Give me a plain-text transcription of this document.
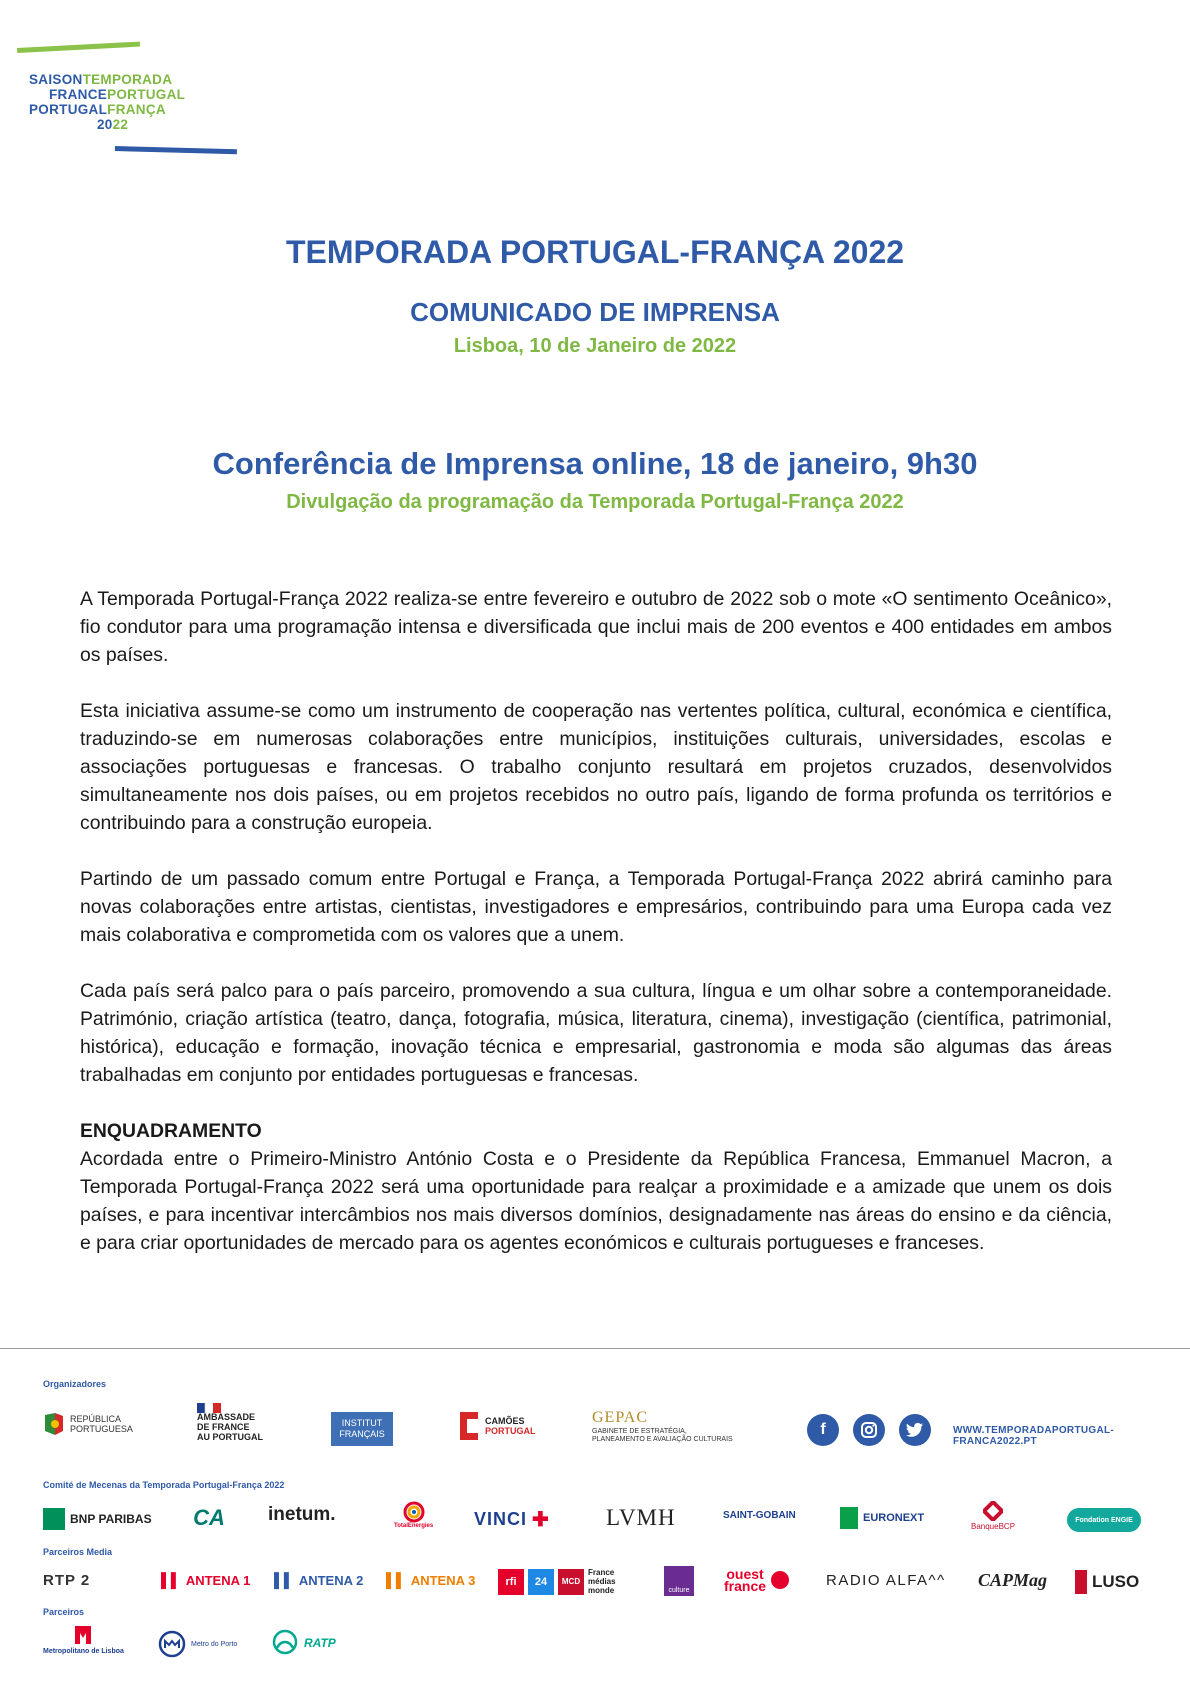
SAISONTEMPORADA
FRANCEPORTUGAL
PORTUGALFRANÇA
2022
TEMPORADA PORTUGAL-FRANÇA 2022
COMUNICADO DE IMPRENSA
Lisboa, 10 de Janeiro de 2022
Conferência de Imprensa online, 18 de janeiro, 9h30
Divulgação da programação da Temporada Portugal-França 2022

A Temporada Portugal-França 2022 realiza-se entre fevereiro e outubro de 2022 sob o mote «O sentimento Oceânico», fio condutor para uma programação intensa e diversificada que inclui mais de 200 eventos e 400 entidades em ambos os países.

Esta iniciativa assume-se como um instrumento de cooperação nas vertentes política, cultural, económica e científica, traduzindo-se em numerosas colaborações entre municípios, instituições culturais, universidades, escolas e associações portuguesas e francesas. O trabalho conjunto resultará em projetos cruzados, desenvolvidos simultaneamente nos dois países, ou em projetos recebidos no outro país, ligando de forma profunda os territórios e contribuindo para a construção europeia.

Partindo de um passado comum entre Portugal e França, a Temporada Portugal-França 2022 abrirá caminho para novas colaborações entre artistas, cientistas, investigadores e empresários, contribuindo para uma Europa cada vez mais colaborativa e comprometida com os valores que a unem.

Cada país será palco para o país parceiro, promovendo a sua cultura, língua e um olhar sobre a contemporaneidade. Património, criação artística (teatro, dança, fotografia, música, literatura, cinema), investigação (científica, patrimonial, histórica), educação e formação, inovação técnica e empresarial, gastronomia e moda são algumas das áreas trabalhadas em conjunto por entidades portuguesas e francesas.

ENQUADRAMENTO

Acordada entre o Primeiro-Ministro António Costa e o Presidente da República Francesa, Emmanuel Macron, a Temporada Portugal-França 2022 será uma oportunidade para realçar a proximidade e a amizade que unem os dois países, e para incentivar intercâmbios nos mais diversos domínios, designadamente nas áreas do ensino e da ciência, e para criar oportunidades de mercado para os agentes económicos e culturais portugueses e franceses.

Organizadores
REPÚBLICA
PORTUGUESA
AMBASSADE
DE FRANCE
AU PORTUGAL
INSTITUT
FRANÇAIS
CAMÕES
PORTUGAL
GEPAC
GABINETE DE ESTRATÉGIA,
PLANEAMENTO E AVALIAÇÃO CULTURAIS
f	WWW.TEMPORADAPORTUGAL-FRANCA2022.PT
Comité de Mecenas da Temporada Portugal-França 2022
BNP PARIBAS CA inetum.
TotalEnergies VINCI ✚ LVMH	SAINT-GOBAIN	EURONEXT
BanqueBCP
Fondation ENGIE
Parceiros Media
RTP 2	▌▌ ANTENA 1 ▌▌ ANTENA 2 ▌▌ ANTENA 3	rfi	24	MCD
France
médias
monde	culture
ouest
france	RADIO ALFA^^ CAPMag	LUSO
Parceiros
Metropolitano de Lisboa
Metro do Porto	RATP
